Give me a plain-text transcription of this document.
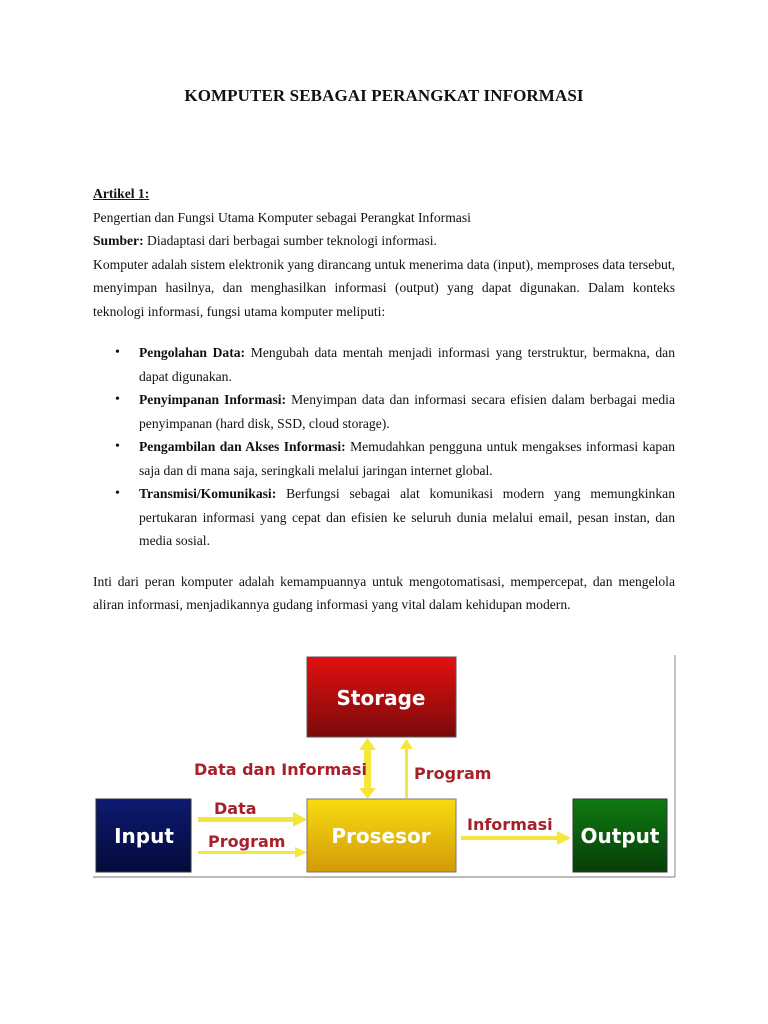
KOMPUTER SEBAGAI PERANGKAT INFORMASI

Artikel 1:

Pengertian dan Fungsi Utama Komputer sebagai Perangkat Informasi

Sumber: Diadaptasi dari berbagai sumber teknologi informasi.

Komputer adalah sistem elektronik yang dirancang untuk menerima data (input), memproses data tersebut, menyimpan hasilnya, dan menghasilkan informasi (output) yang dapat digunakan. Dalam konteks teknologi informasi, fungsi utama komputer meliputi:

• Pengolahan Data: Mengubah data mentah menjadi informasi yang terstruktur, bermakna, dan dapat digunakan.
• Penyimpanan Informasi: Menyimpan data dan informasi secara efisien dalam berbagai media penyimpanan (hard disk, SSD, cloud storage).
• Pengambilan dan Akses Informasi: Memudahkan pengguna untuk mengakses informasi kapan saja dan di mana saja, seringkali melalui jaringan internet global.
• Transmisi/Komunikasi: Berfungsi sebagai alat komunikasi modern yang memungkinkan pertukaran informasi yang cepat dan efisien ke seluruh dunia melalui email, pesan instan, dan media sosial.

Inti dari peran komputer adalah kemampuannya untuk mengotomatisasi, mempercepat, dan mengelola aliran informasi, menjadikannya gudang informasi yang vital dalam kehidupan modern.

Storage
Input	Prosesor	Output
Data dan Informasi	Program
Data
Program
Informasi
